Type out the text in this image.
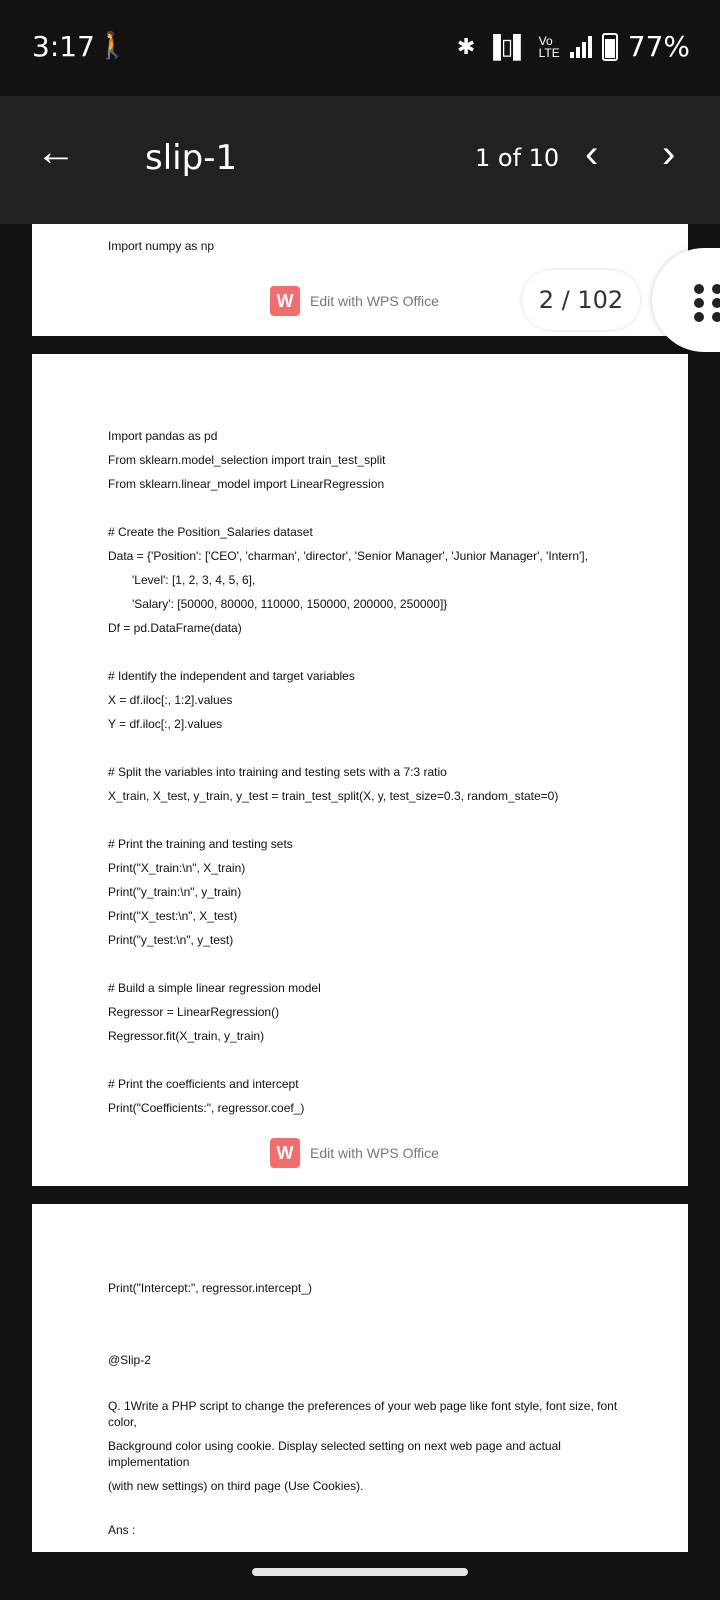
3:17 🚶	✱ ▐▯▌ Vo
LTE 77%
← slip-1	1 of 10 ‹ ›
Import numpy as np
W	Edit with WPS Office
Import pandas as pd
From sklearn.model_selection import train_test_split
From sklearn.linear_model import LinearRegression
# Create the Position_Salaries dataset
Data = {'Position': ['CEO', 'charman', 'director', 'Senior Manager', 'Junior Manager', 'Intern'],
'Level': [1, 2, 3, 4, 5, 6],
'Salary': [50000, 80000, 110000, 150000, 200000, 250000]}
Df = pd.DataFrame(data)
# Identify the independent and target variables
X = df.iloc[:, 1:2].values
Y = df.iloc[:, 2].values
# Split the variables into training and testing sets with a 7:3 ratio
X_train, X_test, y_train, y_test = train_test_split(X, y, test_size=0.3, random_state=0)
# Print the training and testing sets
Print("X_train:\n", X_train)
Print("y_train:\n", y_train)
Print("X_test:\n", X_test)
Print("y_test:\n", y_test)
# Build a simple linear regression model
Regressor = LinearRegression()
Regressor.fit(X_train, y_train)
# Print the coefficients and intercept
Print("Coefficients:", regressor.coef_)
W	Edit with WPS Office
Print("Intercept:", regressor.intercept_)
@Slip-2
Q. 1Write a PHP script to change the preferences of your web page like font style, font size, font color,
Background color using cookie. Display selected setting on next web page and actual implementation
(with new settings) on third page (Use Cookies).
Ans :
2 / 102
